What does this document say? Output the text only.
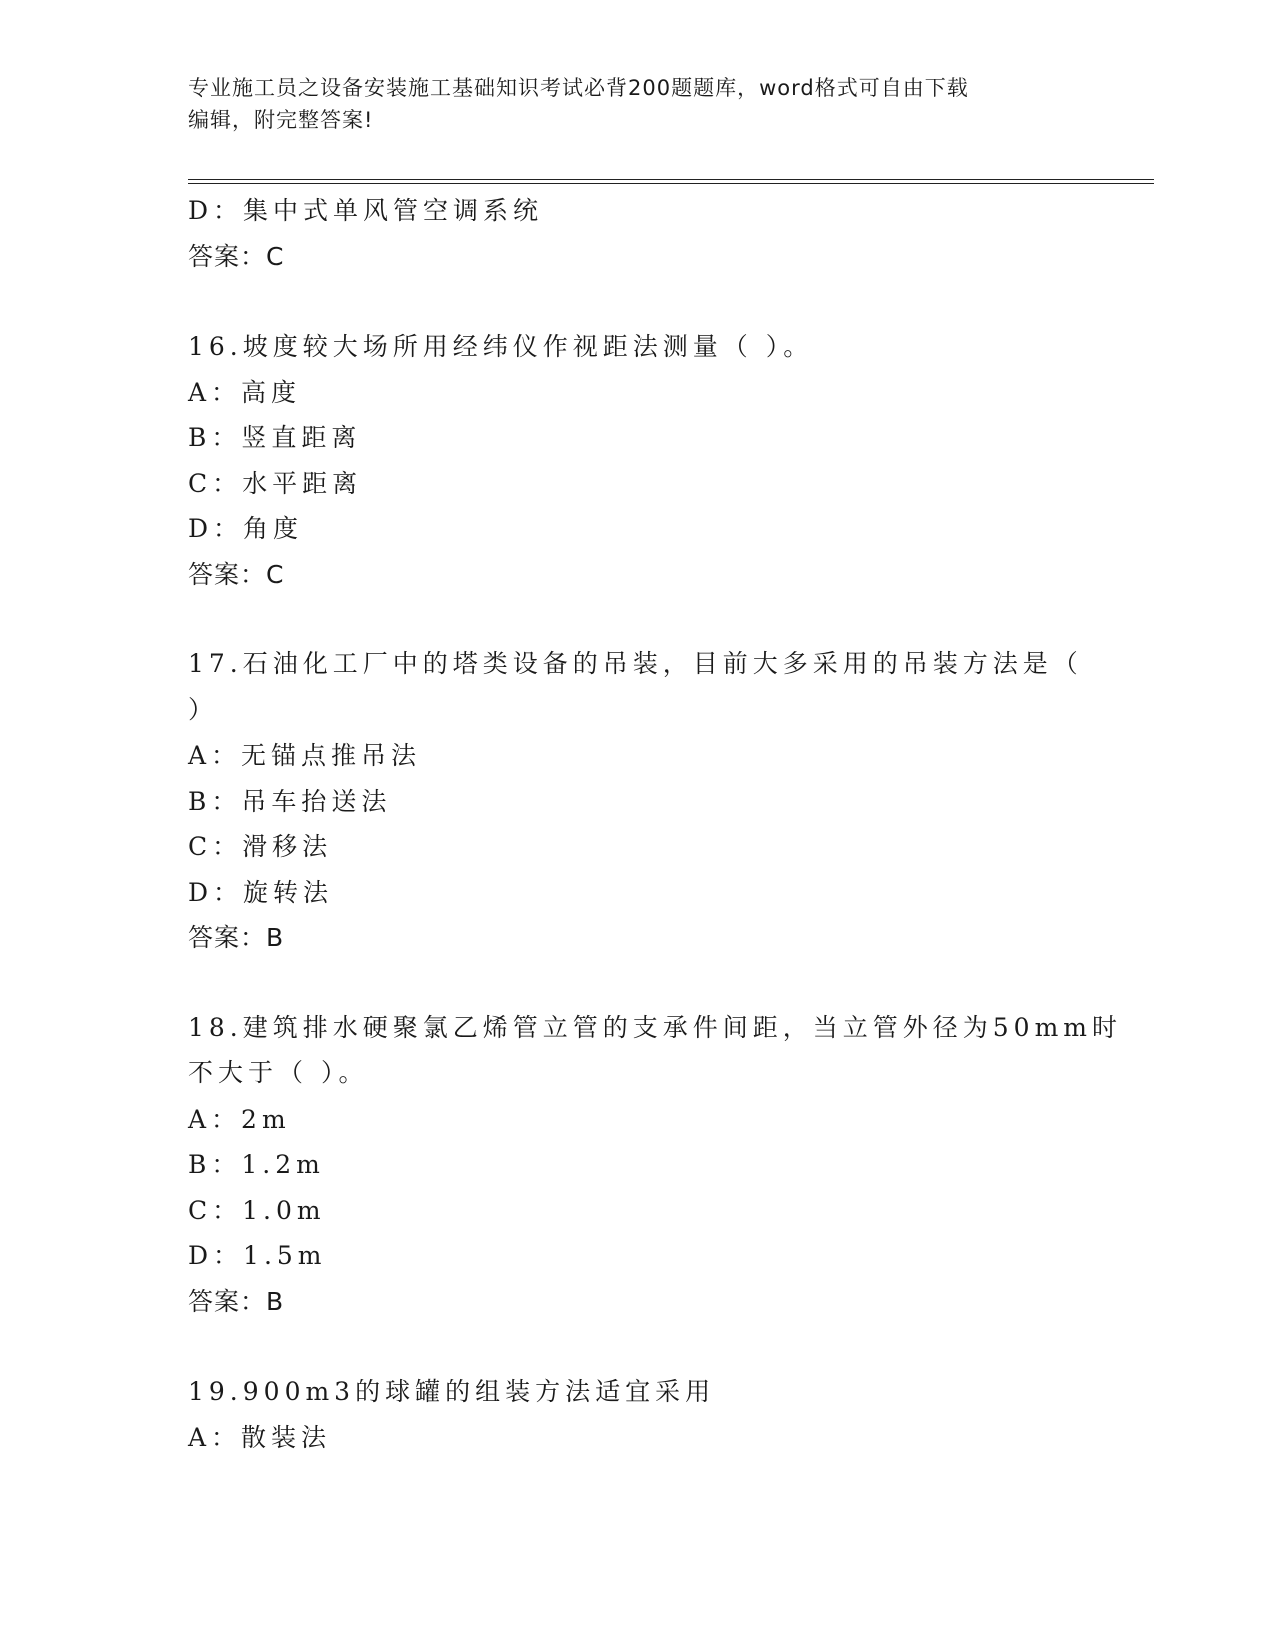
专业施工员之设备安装施工基础知识考试必背200题题库，word格式可自由下载
编辑，附完整答案!
D：集中式单风管空调系统
答案：C
16.坡度较大场所用经纬仪作视距法测量（ ）。
A：高度
B：竖直距离
C：水平距离
D：角度
答案：C
17.石油化工厂中的塔类设备的吊装，目前大多采用的吊装方法是（
）
A：无锚点推吊法
B：吊车抬送法
C：滑移法
D：旋转法
答案：B
18.建筑排水硬聚氯乙烯管立管的支承件间距，当立管外径为50mm时
不大于（ ）。
A：2m
B：1.2m
C：1.0m
D：1.5m
答案：B
19.900m3的球罐的组装方法适宜采用
A：散装法
